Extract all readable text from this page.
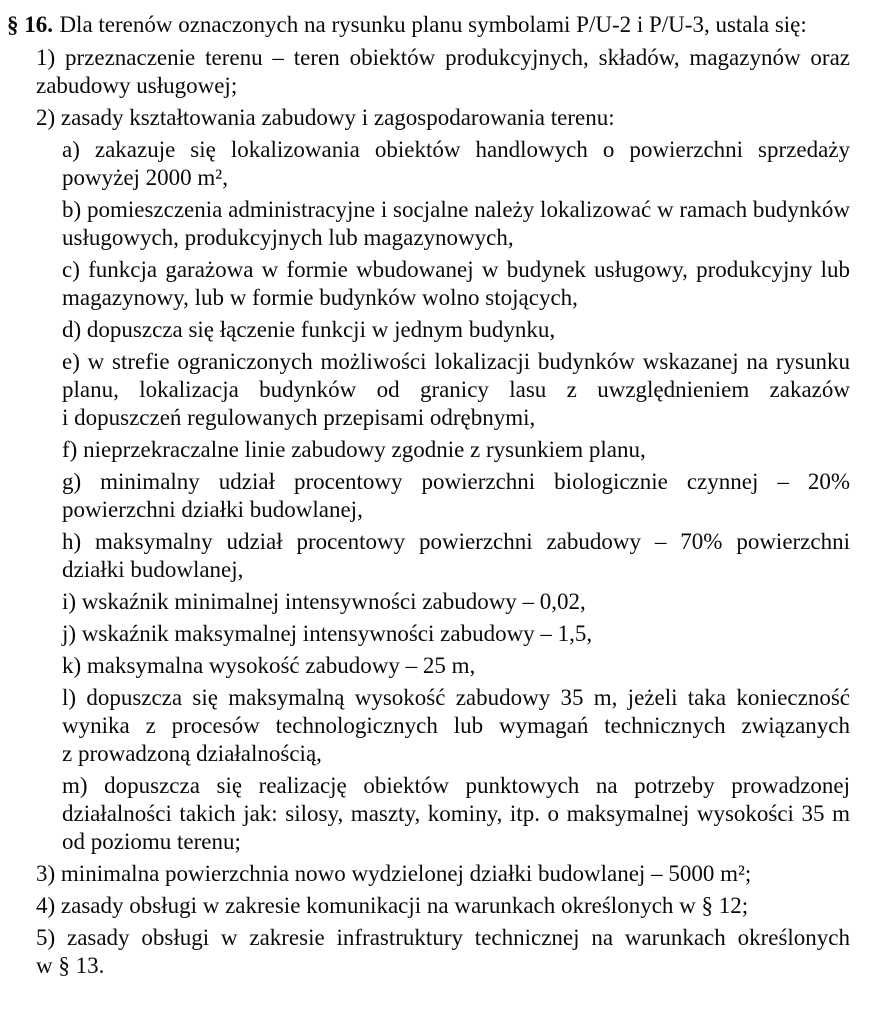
§ 16. Dla terenów oznaczonych na rysunku planu symbolami P/U-2 i P/U-3, ustala się:

1) przeznaczenie terenu – teren obiektów produkcyjnych, składów, magazynów oraz zabudowy usługowej;

2) zasady kształtowania zabudowy i zagospodarowania terenu:

a) zakazuje się lokalizowania obiektów handlowych o powierzchni sprzedaży powyżej 2000 m²,

b) pomieszczenia administracyjne i socjalne należy lokalizować w ramach budynków usługowych, produkcyjnych lub magazynowych,

c) funkcja garażowa w formie wbudowanej w budynek usługowy, produkcyjny lub magazynowy, lub w formie budynków wolno stojących,

d) dopuszcza się łączenie funkcji w jednym budynku,

e) w strefie ograniczonych możliwości lokalizacji budynków wskazanej na rysunku planu, lokalizacja budynków od granicy lasu z uwzględnieniem zakazów i dopuszczeń regulowanych przepisami odrębnymi,

f) nieprzekraczalne linie zabudowy zgodnie z rysunkiem planu,

g) minimalny udział procentowy powierzchni biologicznie czynnej – 20% powierzchni działki budowlanej,

h) maksymalny udział procentowy powierzchni zabudowy – 70% powierzchni działki budowlanej,

i) wskaźnik minimalnej intensywności zabudowy – 0,02,

j) wskaźnik maksymalnej intensywności zabudowy – 1,5,

k) maksymalna wysokość zabudowy – 25 m,

l) dopuszcza się maksymalną wysokość zabudowy 35 m, jeżeli taka konieczność wynika z procesów technologicznych lub wymagań technicznych związanych z prowadzoną działalnością,

m) dopuszcza się realizację obiektów punktowych na potrzeby prowadzonej działalności takich jak: silosy, maszty, kominy, itp. o maksymalnej wysokości 35 m od poziomu terenu;

3) minimalna powierzchnia nowo wydzielonej działki budowlanej – 5000 m²;

4) zasady obsługi w zakresie komunikacji na warunkach określonych w § 12;

5) zasady obsługi w zakresie infrastruktury technicznej na warunkach określonych w § 13.
